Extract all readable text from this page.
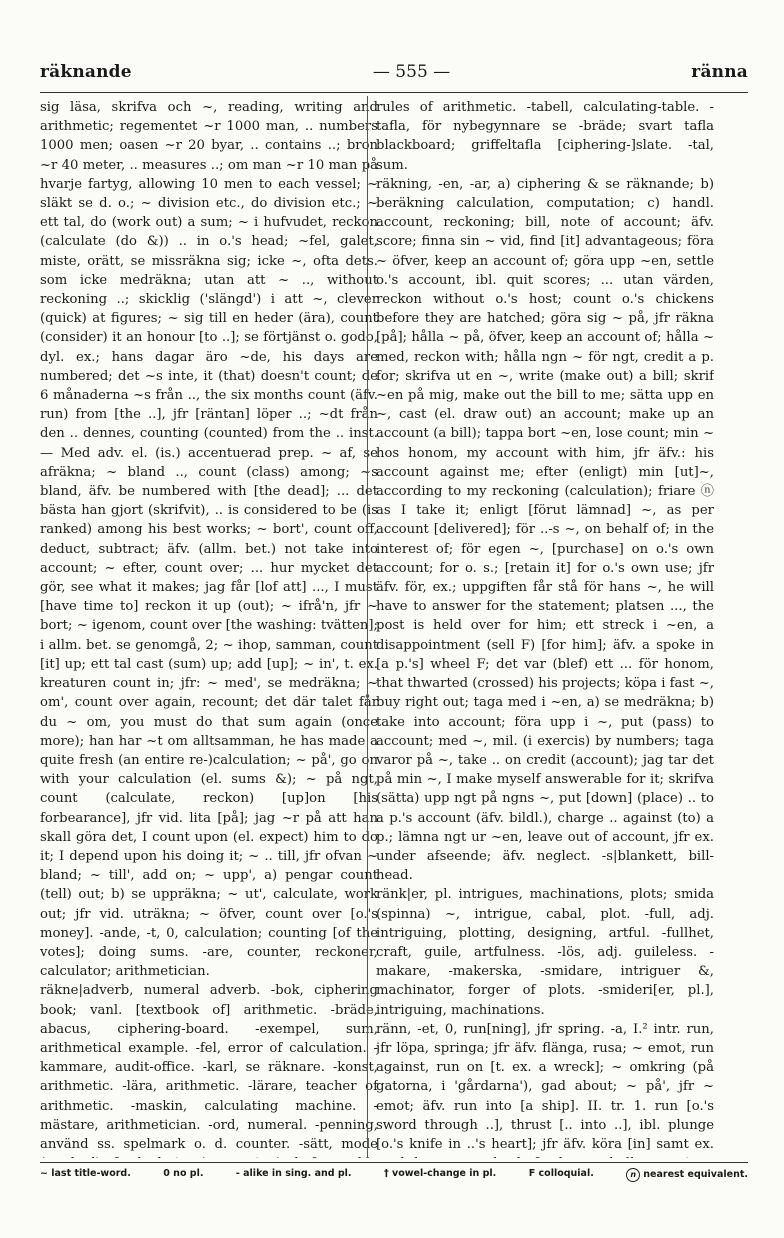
räknande	— 555 —	ränna

sig läsa, skrifva och ~, reading, writing and arithmetic; regementet ~r 1000 man, .. numbers 1000 men; oasen ~r 20 byar, .. contains ..; bron ~r 40 meter, .. measures ..; om man ~r 10 man på hvarje fartyg, allowing 10 men to each vessel; ~ släkt se d. o.; ~ division etc., do division etc.; ~ ett tal, do (work out) a sum; ~ i hufvudet, reckon (calculate (do &)) .. in o.'s head; ~fel, galet, miste, orätt, se missräkna sig; icke ~, ofta dets. som icke medräkna; utan att ~ .., without reckoning ..; skicklig ('slängd') i att ~, clever (quick) at figures; ~ sig till en heder (ära), count (consider) it an honour [to ..]; se förtjänst o. godo, dyl. ex.; hans dagar äro ~de, his days are numbered; det ~s inte, it (that) doesn't count; de 6 månaderna ~s från .., the six months count (äfv. run) from [the ..], jfr [räntan] löper ..; ~dt från den .. dennes, counting (counted) from the .. inst. — Med adv. el. (is.) accentuerad prep. ~ af, se afräkna; ~ bland .., count (class) among; ~s bland, äfv. be numbered with [the dead]; ... det bästa han gjort (skrifvit), .. is considered to be (is ranked) among his best works; ~ bort', count off, deduct, subtract; äfv. (allm. bet.) not take into account; ~ efter, count over; ... hur mycket det gör, see what it makes; jag får [lof att] ..., I must [have time to] reckon it up (out); ~ ifrå'n, jfr ~ bort; ~ igenom, count over [the washing: tvätten]; i allm. bet. se genomgå, 2; ~ ihop, samman, count [it] up; ett tal cast (sum) up; add [up]; ~ in', t. ex. kreaturen count in; jfr: ~ med', se medräkna; ~ om', count over again, recount; det där talet får du ~ om, you must do that sum again (once more); han har ~t om alltsamman, he has made a quite fresh (an entire re-)calculation; ~ på', go on with your calculation (el. sums &); ~ på ngt, count (calculate, reckon) [up]on [his forbearance], jfr vid. lita [på]; jag ~r på att han skall göra det, I count upon (el. expect) him to do it; I depend upon his doing it; ~ .. till, jfr ofvan ~ bland; ~ till', add on; ~ upp', a) pengar count (tell) out; b) se uppräkna; ~ ut', calculate, work out; jfr vid. uträkna; ~ öfver, count over [o.'s money]. -ande, -t, 0, calculation; counting [of the votes]; doing sums. -are, counter, reckoner, calculator; arithmetician.

räkne|adverb, numeral adverb. -bok, ciphering book; vanl. [textbook of] arithmetic. -bräde, abacus, ciphering-board. -exempel, sum, arithmetical example. -fel, error of calculation. -kammare, audit-office. -karl, se räknare. -konst, arithmetic. -lära, arithmetic. -lärare, teacher of arithmetic. -maskin, calculating machine. -mästare, arithmetician. -ord, numeral. -penning, använd ss. spelmark o. d. counter. -sätt, mode

rules of arithmetic. -tabell, calculating-table. -tafla, för nybegynnare se -bräde; svart tafla blackboard; griffeltafla [ciphering-]slate. -tal, sum.

räkning, -en, -ar, a) ciphering & se räknande; b) beräkning calculation, computation; c) handl. account, reckoning; bill, note of account; äfv. score; finna sin ~ vid, find [it] advantageous; föra ~ öfver, keep an account of; göra upp ~en, settle o.'s account, ibl. quit scores; ... utan värden, reckon without o.'s host; count o.'s chickens before they are hatched; göra sig ~ på, jfr räkna [på]; hålla ~ på, öfver, keep an account of; hålla ~ med, reckon with; hålla ngn ~ för ngt, credit a p. for; skrifva ut en ~, write (make out) a bill; skrif ~en på mig, make out the bill to me; sätta upp en ~, cast (el. draw out) an account; make up an account (a bill); tappa bort ~en, lose count; min ~ hos honom, my account with him, jfr äfv.: his account against me; efter (enligt) min [ut]~, according to my reckoning (calculation); friare ⓝ as I take it; enligt [förut lämnad] ~, as per account [delivered]; för ..-s ~, on behalf of; in the interest of; för egen ~, [purchase] on o.'s own account; for o. s.; [retain it] for o.'s own use; jfr äfv. för, ex.; uppgiften får stå för hans ~, he will have to answer for the statement; platsen ..., the post is held over for him; ett streck i ~en, a disappointment (sell F) [for him]; äfv. a spoke in [a p.'s] wheel F; det var (blef) ett ... för honom, that thwarted (crossed) his projects; köpa i fast ~, buy right out; taga med i ~en, a) se medräkna; b) take into account; föra upp i ~, put (pass) to account; med ~, mil. (i exercis) by numbers; taga varor på ~, take .. on credit (account); jag tar det på min ~, I make myself answerable for it; skrifva (sätta) upp ngt på ngns ~, put [down] (place) .. to a p.'s account (äfv. bildl.), charge .. against (to) a p.; lämna ngt ur ~en, leave out of account, jfr ex. under afseende; äfv. neglect. -s|blankett, bill-head.

ränk|er, pl. intrigues, machinations, plots; smida (spinna) ~, intrigue, cabal, plot. -full, adj. intriguing, plotting, designing, artful. -fullhet, craft, guile, artfulness. -lös, adj. guileless. -makare, -makerska, -smidare, intriguer &, machinator, forger of plots. -smideri[er, pl.], intriguing, machinations.

ränn, -et, 0, run[ning], jfr spring. -a, I.² intr. run, jfr löpa, springa; jfr äfv. flänga, rusa; ~ emot, run against, run on [t. ex. a wreck]; ~ omkring (på gatorna, i 'gårdarna'), gad about; ~ på', jfr ~ emot; äfv. run into [a ship]. II. tr. 1. run [o.'s sword through ..], thrust [.. into ..], ibl. plunge [o.'s knife in ..'s heart]; jfr äfv. köra [in] samt ex.

~ last title-word.	0 no pl.	- alike in sing. and pl.	† vowel-change in pl.	F colloquial.	n nearest equivalent.
